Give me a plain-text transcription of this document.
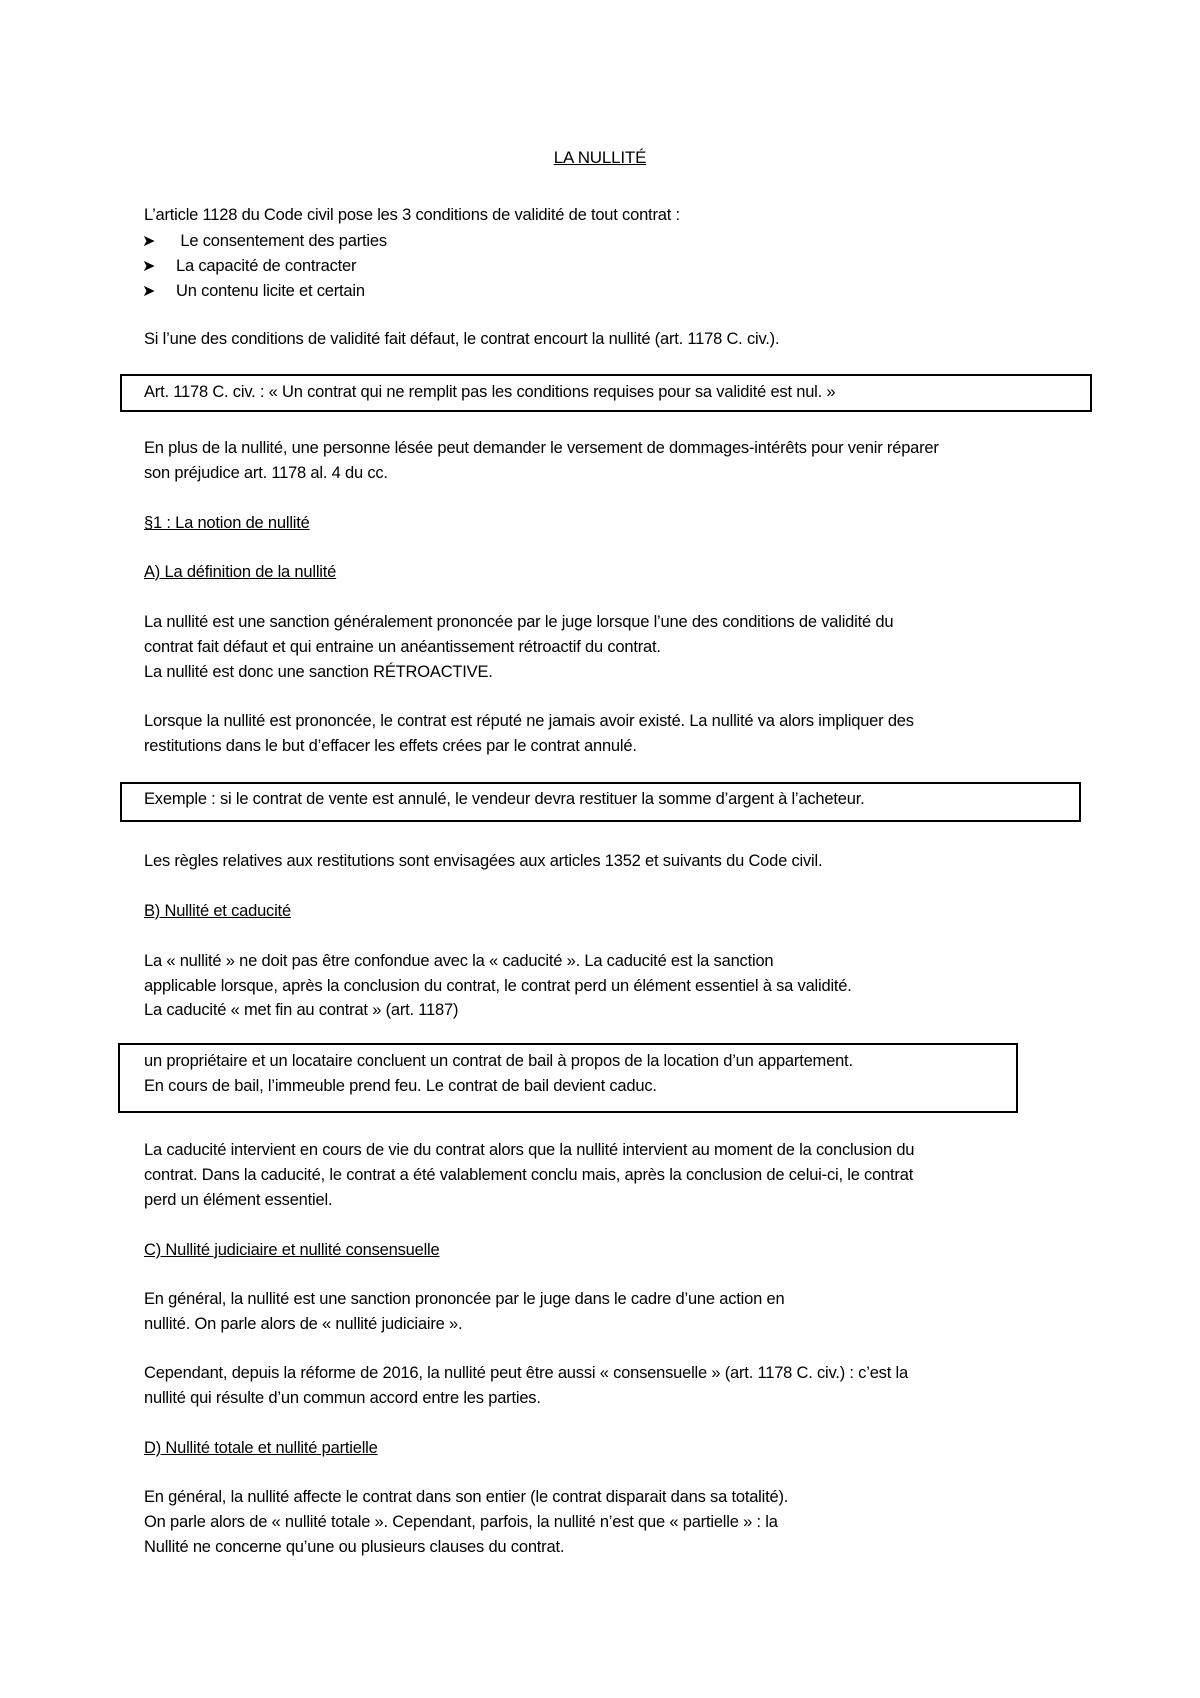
LA NULLITÉ
L’article 1128 du Code civil pose les 3 conditions de validité de tout contrat :
➤ Le consentement des parties
➤ La capacité de contracter
➤ Un contenu licite et certain
Si l’une des conditions de validité fait défaut, le contrat encourt la nullité (art. 1178 C. civ.).
Art. 1178 C. civ. : « Un contrat qui ne remplit pas les conditions requises pour sa validité est nul. »
En plus de la nullité, une personne lésée peut demander le versement de dommages-intérêts pour venir réparer
son préjudice art. 1178 al. 4 du cc.
§1 : La notion de nullité
A) La définition de la nullité
La nullité est une sanction généralement prononcée par le juge lorsque l’une des conditions de validité du
contrat fait défaut et qui entraine un anéantissement rétroactif du contrat.
La nullité est donc une sanction RÉTROACTIVE.
Lorsque la nullité est prononcée, le contrat est réputé ne jamais avoir existé. La nullité va alors impliquer des
restitutions dans le but d’effacer les effets crées par le contrat annulé.
Exemple : si le contrat de vente est annulé, le vendeur devra restituer la somme d’argent à l’acheteur.
Les règles relatives aux restitutions sont envisagées aux articles 1352 et suivants du Code civil.
B) Nullité et caducité
La « nullité » ne doit pas être confondue avec la « caducité ». La caducité est la sanction
applicable lorsque, après la conclusion du contrat, le contrat perd un élément essentiel à sa validité.
La caducité « met fin au contrat » (art. 1187)
un propriétaire et un locataire concluent un contrat de bail à propos de la location d’un appartement.
En cours de bail, l’immeuble prend feu. Le contrat de bail devient caduc.
La caducité intervient en cours de vie du contrat alors que la nullité intervient au moment de la conclusion du
contrat. Dans la caducité, le contrat a été valablement conclu mais, après la conclusion de celui-ci, le contrat
perd un élément essentiel.
C) Nullité judiciaire et nullité consensuelle
En général, la nullité est une sanction prononcée par le juge dans le cadre d’une action en
nullité. On parle alors de « nullité judiciaire ».
Cependant, depuis la réforme de 2016, la nullité peut être aussi « consensuelle » (art. 1178 C. civ.) : c’est la
nullité qui résulte d’un commun accord entre les parties.
D) Nullité totale et nullité partielle
En général, la nullité affecte le contrat dans son entier (le contrat disparait dans sa totalité).
On parle alors de « nullité totale ». Cependant, parfois, la nullité n’est que « partielle » : la
Nullité ne concerne qu’une ou plusieurs clauses du contrat.
